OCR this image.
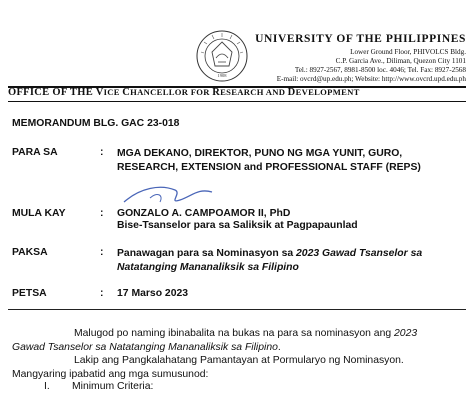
1908
UNIVERSITY OF THE PHILIPPINES
Lower Ground Floor, PHIVOLCS Bldg.
C.P. Garcia Ave., Diliman, Quezon City 1101
Tel.: 8927-2567, 8981-8500 loc. 4046; Tel. Fax: 8927-2568
E-mail: ovcrd@up.edu.ph; Website: http://www.ovcrd.upd.edu.ph
OFFICE OF THE VICE CHANCELLOR FOR RESEARCH AND DEVELOPMENT
MEMORANDUM BLG. GAC 23-018
PARA SA	: MGA DEKANO, DIREKTOR, PUNO NG MGA YUNIT, GURO, RESEARCH, EXTENSION and PROFESSIONAL STAFF (REPS)
MULA KAY	: GONZALO A. CAMPOAMOR II, PhD
Bise-Tsanselor para sa Saliksik at Pagpapaunlad
PAKSA	: Panawagan para sa Nominasyon sa 2023 Gawad Tsanselor sa Natatanging Mananaliksik sa Filipino
PETSA	: 17 Marso 2023
Malugod po naming ibinabalita na bukas na para sa nominasyon ang 2023 Gawad Tsanselor sa Natatanging Mananaliksik sa Filipino.
Lakip ang Pangkalahatang Pamantayan at Pormularyo ng Nominasyon. Mangyaring ipabatid ang mga sumusunod:
I. Minimum Criteria:
